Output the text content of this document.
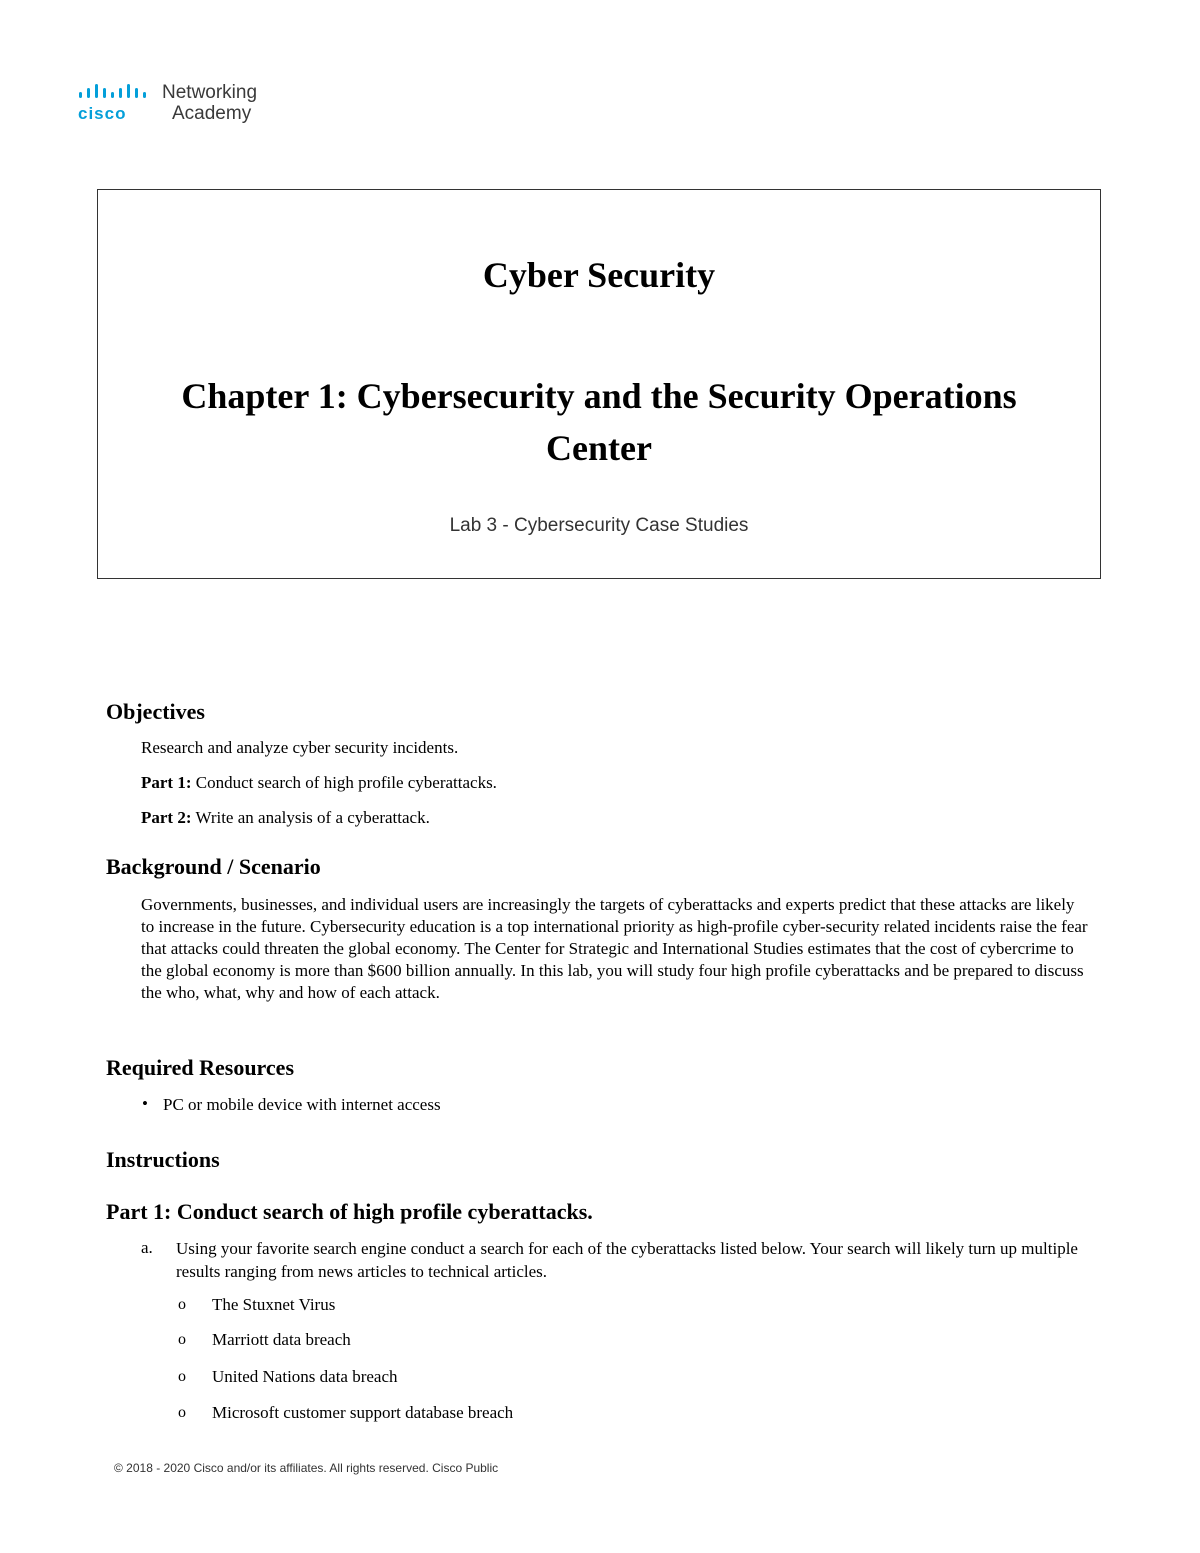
cisco
Networking
Academy
Cyber Security
Chapter 1: Cybersecurity and the Security Operations Center
Lab 3 - Cybersecurity Case Studies
Objectives

Research and analyze cyber security incidents.

Part 1: Conduct search of high profile cyberattacks.

Part 2: Write an analysis of a cyberattack.

Background / Scenario

Governments, businesses, and individual users are increasingly the targets of cyberattacks and experts predict that these attacks are likely to increase in the future. Cybersecurity education is a top international priority as high-profile cyber-security related incidents raise the fear that attacks could threaten the global economy. The Center for Strategic and International Studies estimates that the cost of cybercrime to the global economy is more than $600 billion annually. In this lab, you will study four high profile cyberattacks and be prepared to discuss the who, what, why and how of each attack.

Required Resources
• PC or mobile device with internet access
Instructions
Part 1: Conduct search of high profile cyberattacks.
a. Using your favorite search engine conduct a search for each of the cyberattacks listed below. Your search will likely turn up multiple results ranging from news articles to technical articles.

o The Stuxnet Virus
o Marriott data breach
o United Nations data breach
o Microsoft customer support database breach
© 2018 - 2020 Cisco and/or its affiliates. All rights reserved. Cisco Public
